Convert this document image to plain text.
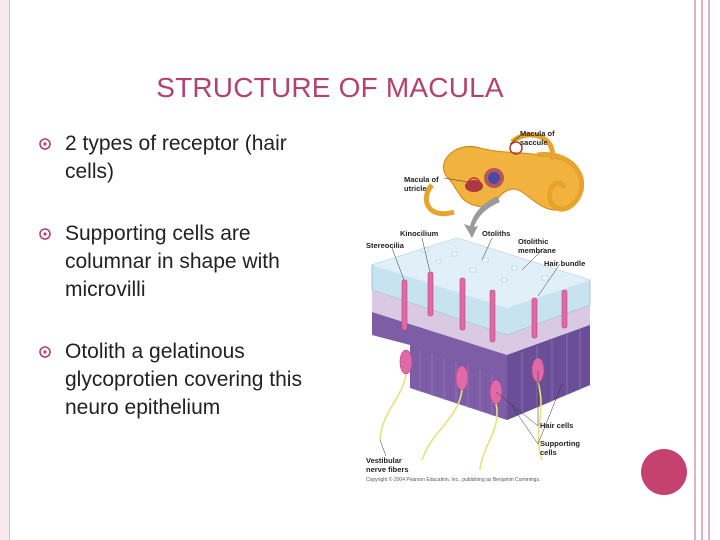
STRUCTURE OF MACULA
2 types of receptor (hair cells)
Supporting cells are columnar in shape with microvilli
Otolith a gelatinous glycoprotien covering this neuro epithelium
Macula of saccule
Macula of utricle
Kinocilium	Otoliths
Stereocilia	Otolithic membrane
Hair bundle
Hair cells
Supporting cells
Vestibular nerve fibers
Copyright © 2004 Pearson Education, Inc., publishing as Benjamin Cummings.
